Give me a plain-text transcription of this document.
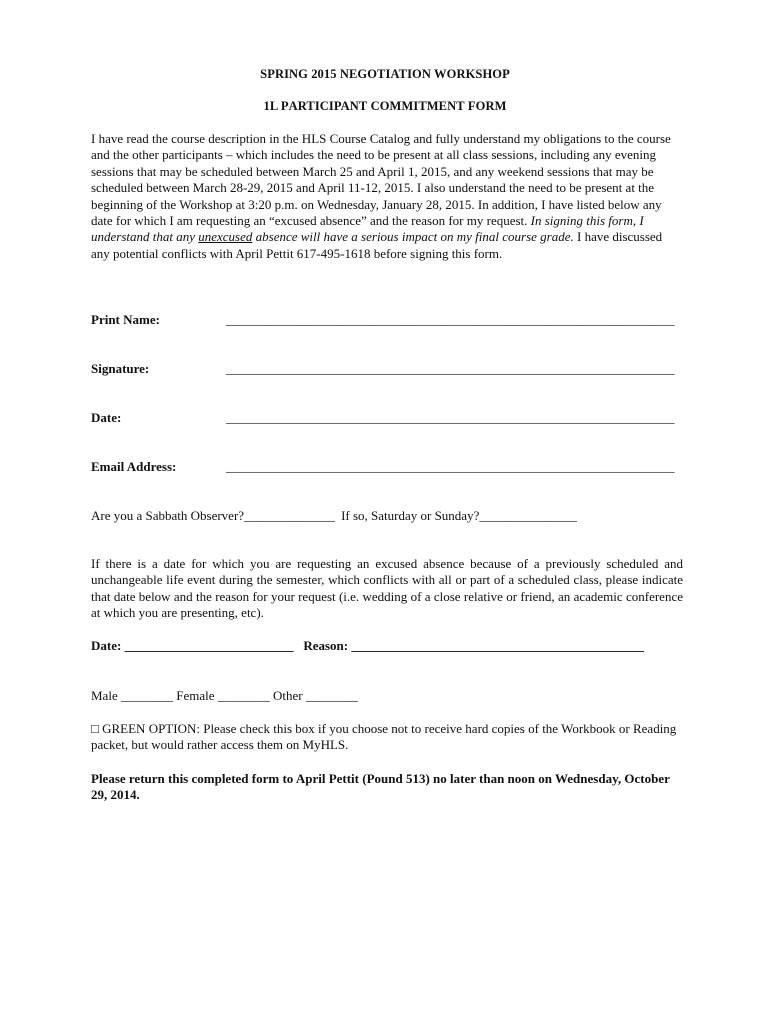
SPRING 2015 NEGOTIATION WORKSHOP
1L PARTICIPANT COMMITMENT FORM
I have read the course description in the HLS Course Catalog and fully understand my obligations to the course and the other participants – which includes the need to be present at all class sessions, including any evening sessions that may be scheduled between March 25 and April 1, 2015, and any weekend sessions that may be scheduled between March 28-29, 2015 and April 11-12, 2015. I also understand the need to be present at the beginning of the Workshop at 3:20 p.m. on Wednesday, January 28, 2015. In addition, I have listed below any date for which I am requesting an “excused absence” and the reason for my request. In signing this form, I understand that any unexcused absence will have a serious impact on my final course grade. I have discussed any potential conflicts with April Pettit 617-495-1618 before signing this form.
Print Name:	_____________________________________________________________________
Signature:	_____________________________________________________________________
Date:	_____________________________________________________________________
Email Address:	_____________________________________________________________________
Are you a Sabbath Observer?______________ If so, Saturday or Sunday?_______________
If there is a date for which you are requesting an excused absence because of a previously scheduled and unchangeable life event during the semester, which conflicts with all or part of a scheduled class, please indicate that date below and the reason for your request (i.e. wedding of a close relative or friend, an academic conference at which you are presenting, etc).
Date: __________________________ Reason: _____________________________________________
Male ________ Female ________ Other ________
□ GREEN OPTION: Please check this box if you choose not to receive hard copies of the Workbook or Reading packet, but would rather access them on MyHLS.
Please return this completed form to April Pettit (Pound 513) no later than noon on Wednesday, October 29, 2014.
